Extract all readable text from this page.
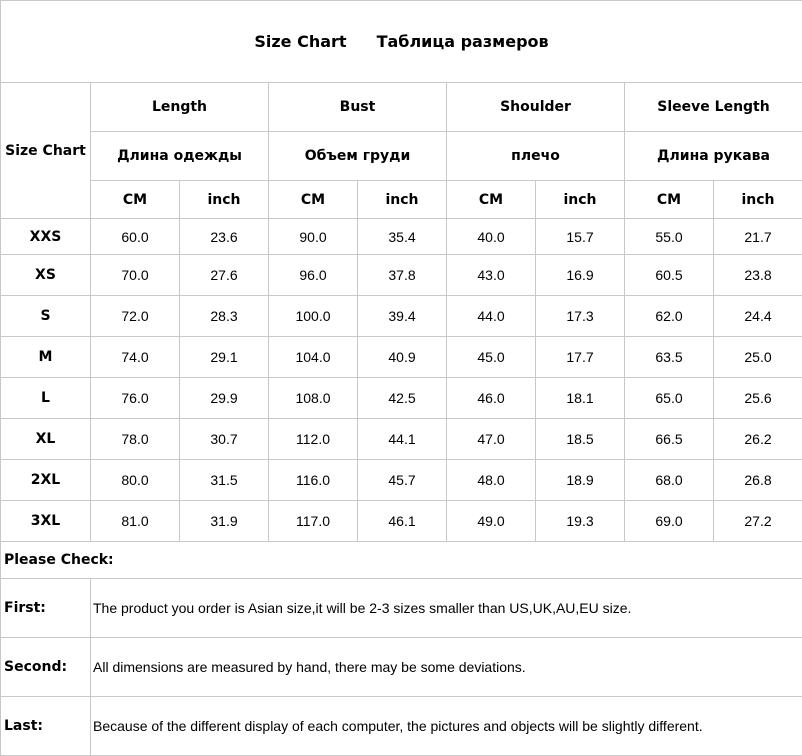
Size Chart Таблица размеров								
Size Chart	Length		Bust		Shoulder		Sleeve Length	
	Длина одежды		Объем груди		плечо		Длина рукава	
	CM	inch	CM	inch	CM	inch	CM	inch
XXS	60.0	23.6	90.0	35.4	40.0	15.7	55.0	21.7
XS	70.0	27.6	96.0	37.8	43.0	16.9	60.5	23.8
S	72.0	28.3	100.0	39.4	44.0	17.3	62.0	24.4
M	74.0	29.1	104.0	40.9	45.0	17.7	63.5	25.0
L	76.0	29.9	108.0	42.5	46.0	18.1	65.0	25.6
XL	78.0	30.7	112.0	44.1	47.0	18.5	66.5	26.2
2XL	80.0	31.5	116.0	45.7	48.0	18.9	68.0	26.8
3XL	81.0	31.9	117.0	46.1	49.0	19.3	69.0	27.2
Please Check:								
First:	The product you order is Asian size,it will be 2-3 sizes smaller than US,UK,AU,EU size.							
Second:	All dimensions are measured by hand, there may be some deviations.							
Last:	Because of the different display of each computer, the pictures and objects will be slightly different.							
